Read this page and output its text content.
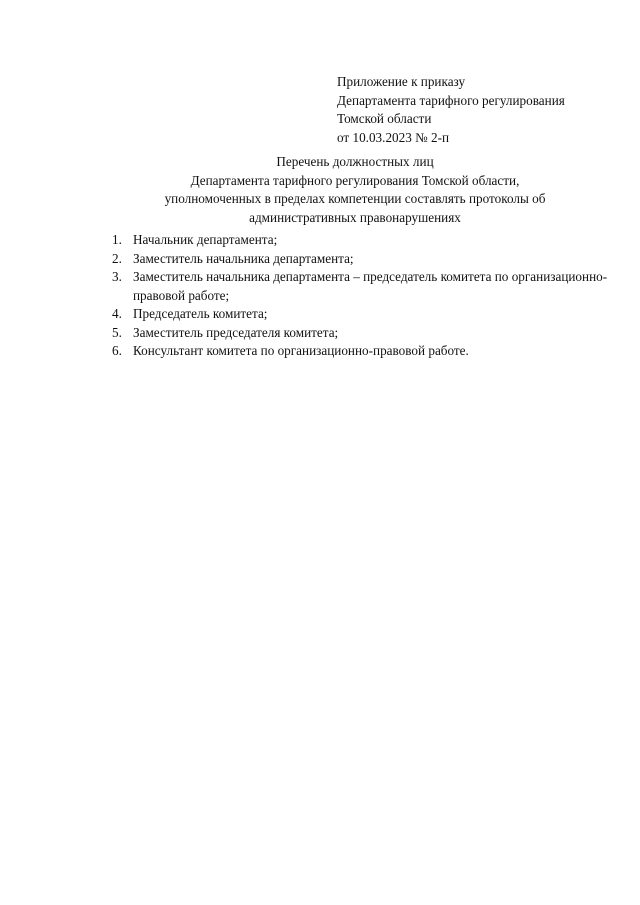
Приложение к приказу
Департамента тарифного регулирования
Томской области
от 10.03.2023 № 2-п
Перечень должностных лиц
Департамента тарифного регулирования Томской области,
уполномоченных в пределах компетенции составлять протоколы об
административных правонарушениях
1. Начальник департамента;
2. Заместитель начальника департамента;
3. Заместитель начальника департамента – председатель комитета по организационно-правовой работе;
4. Председатель комитета;
5. Заместитель председателя комитета;
6. Консультант комитета по организационно-правовой работе.
